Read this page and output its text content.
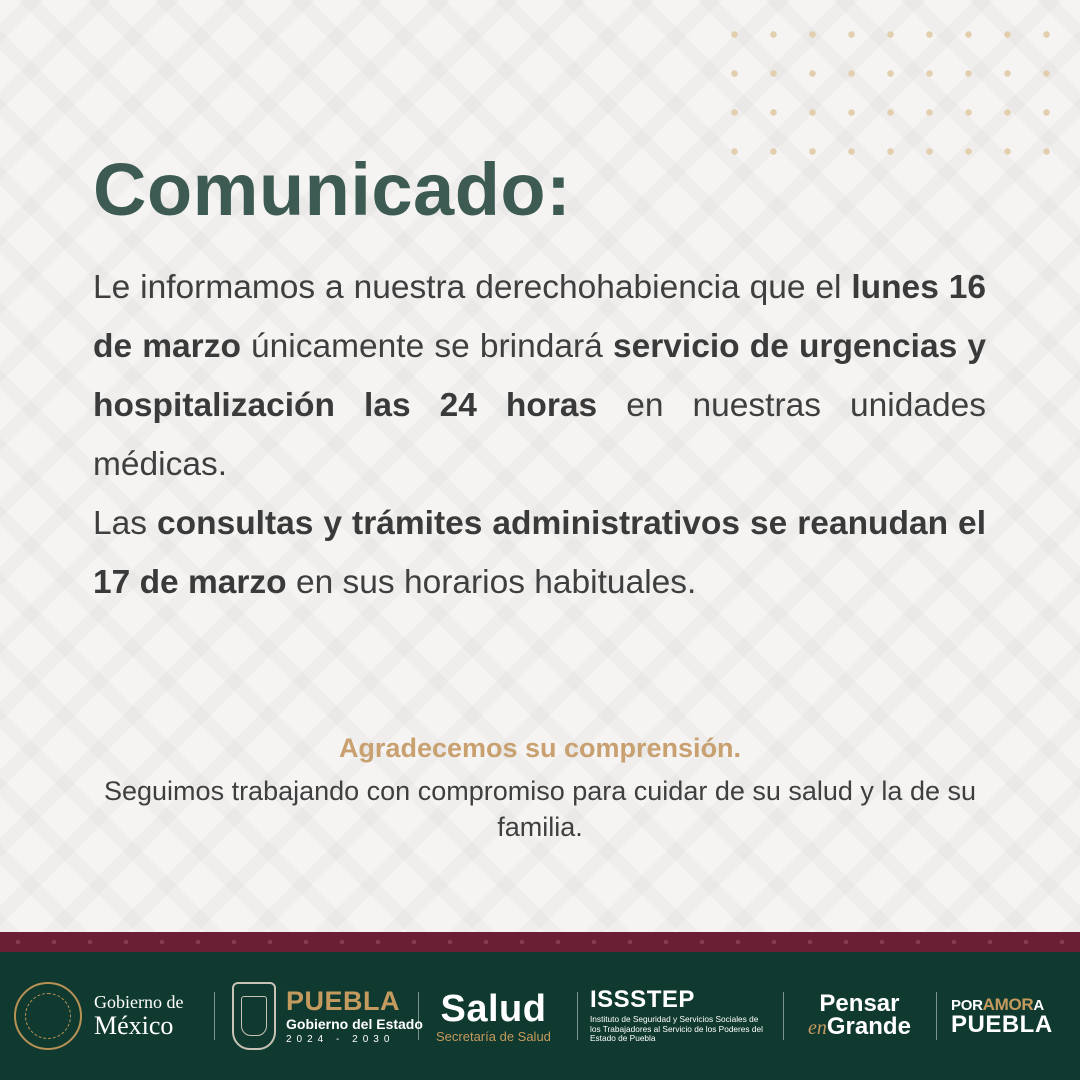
Comunicado:

Le informamos a nuestra derechohabiencia que el lunes 16 de marzo únicamente se brindará servicio de urgencias y hospitalización las 24 horas en nuestras unidades médicas.

Las consultas y trámites administrativos se reanudan el 17 de marzo en sus horarios habituales.

Agradecemos su comprensión.

Seguimos trabajando con compromiso para cuidar de su salud y la de su familia.

Gobierno de
México
PUEBLA
Gobierno del Estado
2024 - 2030
Salud
Secretaría de Salud
ISSSTEP
Instituto de Seguridad y Servicios Sociales de los Trabajadores al Servicio de los Poderes del Estado de Puebla
Pensar
enGrande
PORAMORA
PUEBLA
